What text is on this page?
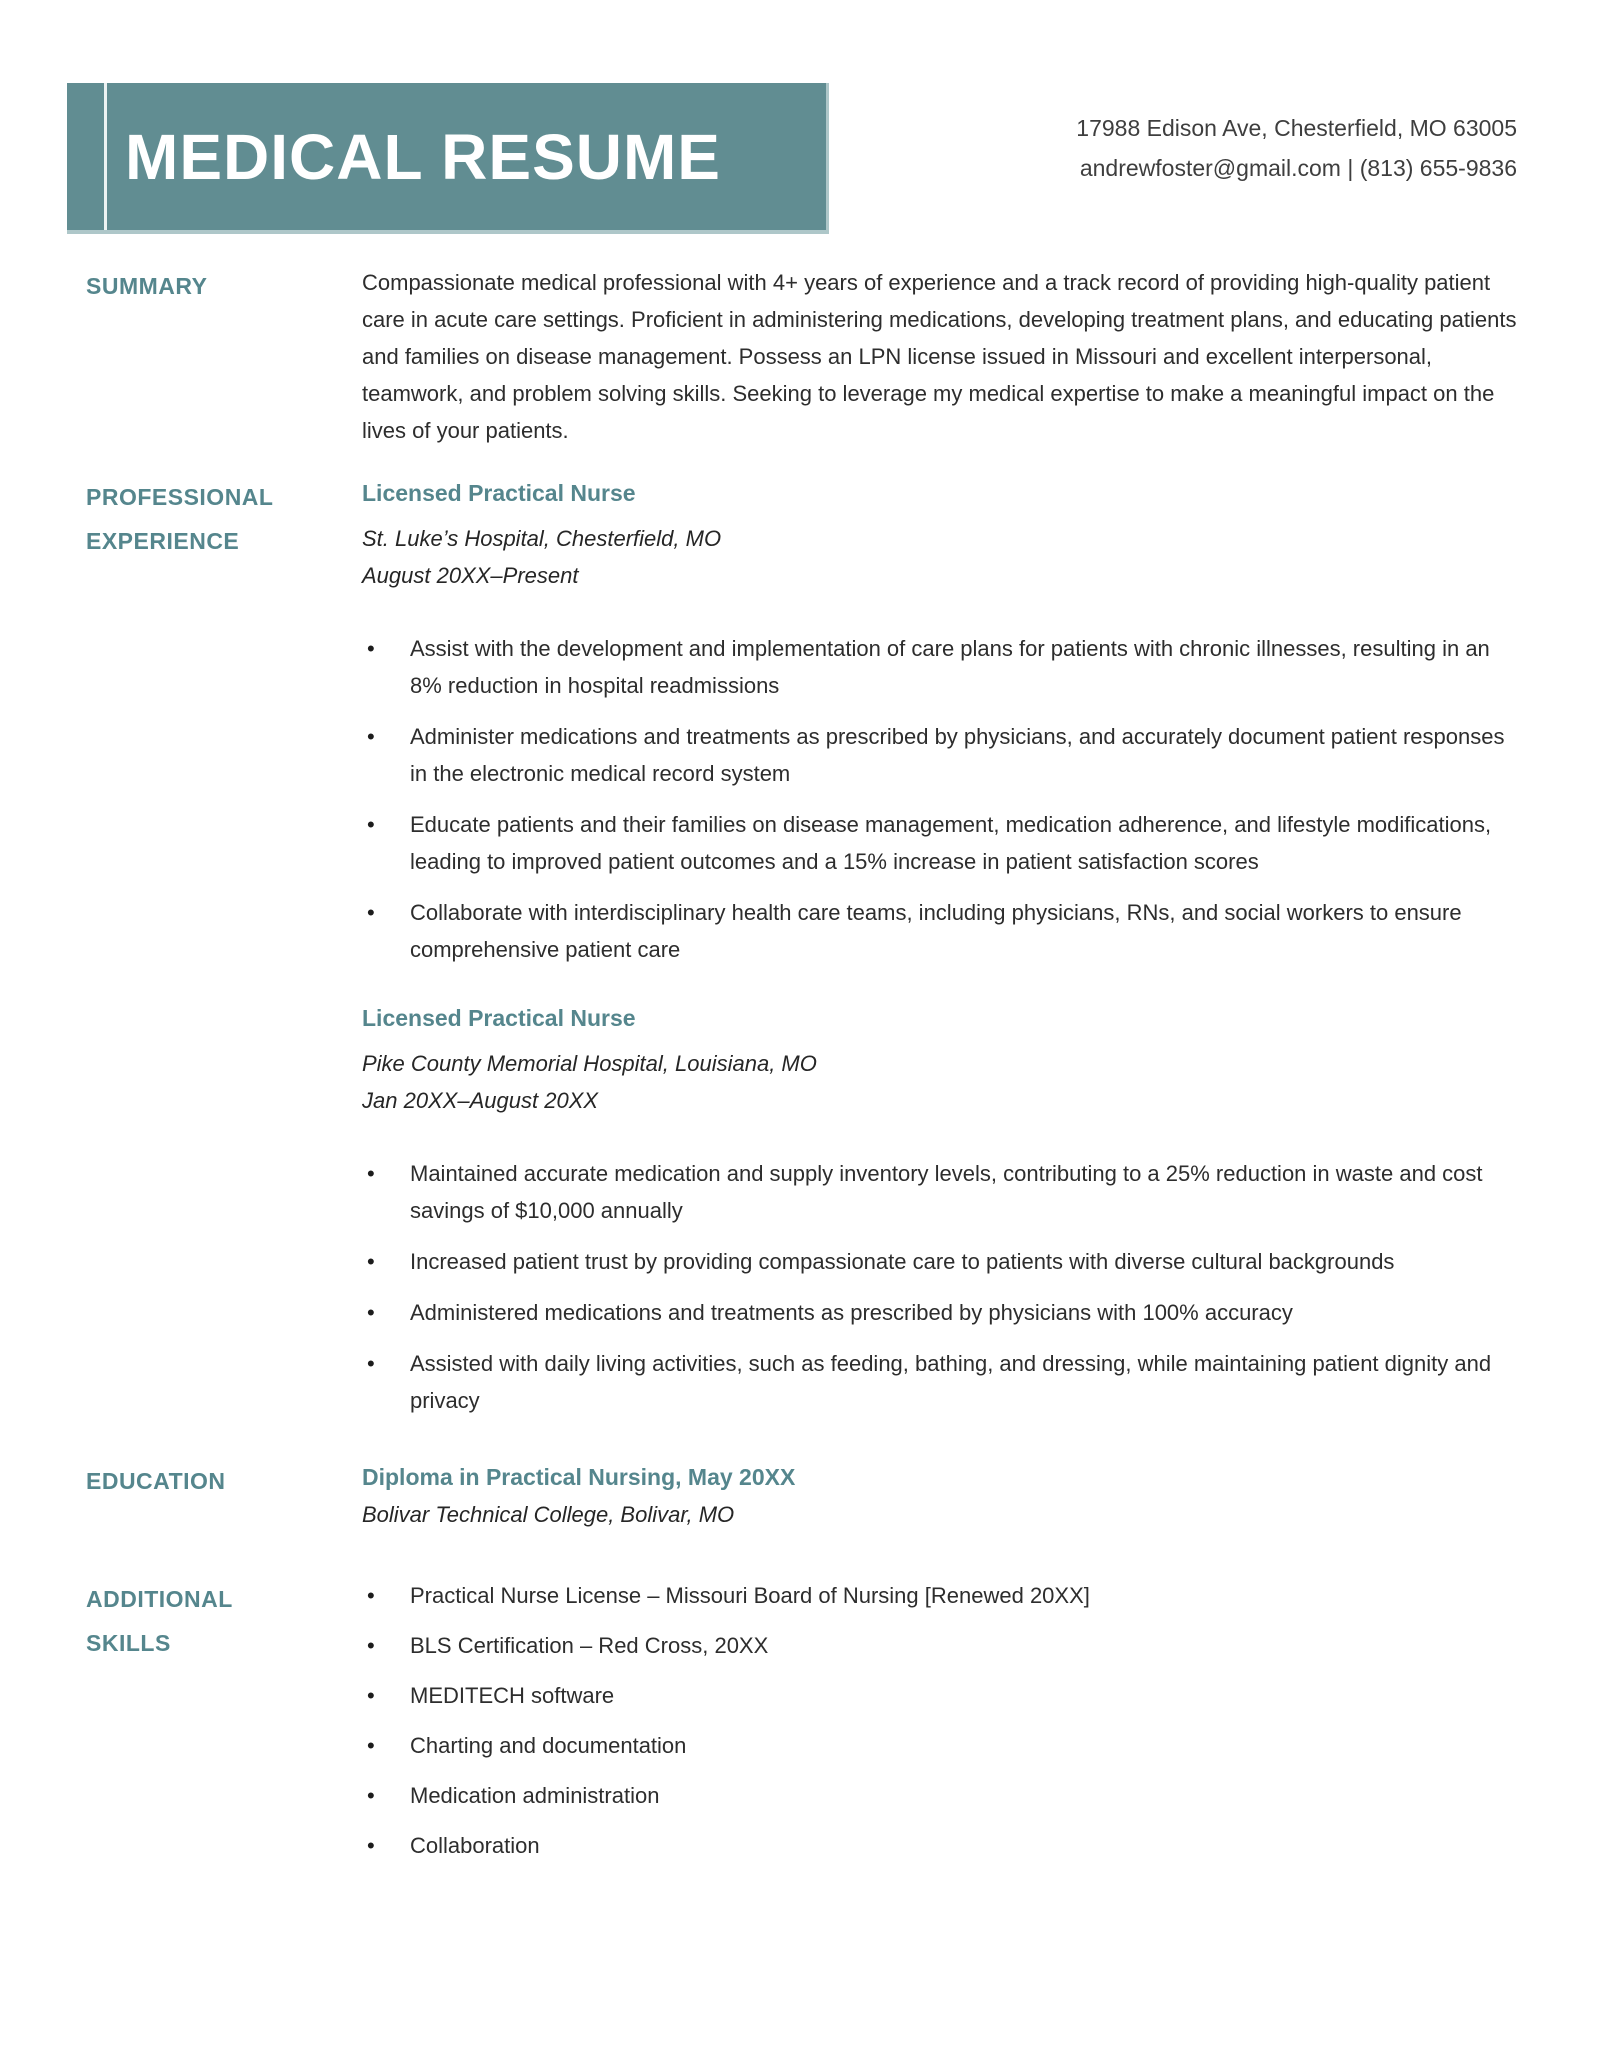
MEDICAL RESUME	17988 Edison Ave, Chesterfield, MO 63005
andrewfoster@gmail.com | (813) 655-9836
SUMMARY	Compassionate medical professional with 4+ years of experience and a track record of providing high-quality patient care in acute care settings. Proficient in administering medications, developing treatment plans, and educating patients and families on disease management. Possess an LPN license issued in Missouri and excellent interpersonal, teamwork, and problem solving skills. Seeking to leverage my medical expertise to make a meaningful impact on the lives of your patients.

PROFESSIONAL EXPERIENCE
Licensed Practical Nurse

St. Luke’s Hospital, Chesterfield, MO

August 20XX–Present

• Assist with the development and implementation of care plans for patients with chronic illnesses, resulting in an 8% reduction in hospital readmissions
• Administer medications and treatments as prescribed by physicians, and accurately document patient responses in the electronic medical record system
• Educate patients and their families on disease management, medication adherence, and lifestyle modifications, leading to improved patient outcomes and a 15% increase in patient satisfaction scores
• Collaborate with interdisciplinary health care teams, including physicians, RNs, and social workers to ensure comprehensive patient care
Licensed Practical Nurse

Pike County Memorial Hospital, Louisiana, MO

Jan 20XX–August 20XX

• Maintained accurate medication and supply inventory levels, contributing to a 25% reduction in waste and cost savings of $10,000 annually
• Increased patient trust by providing compassionate care to patients with diverse cultural backgrounds
• Administered medications and treatments as prescribed by physicians with 100% accuracy
• Assisted with daily living activities, such as feeding, bathing, and dressing, while maintaining patient dignity and privacy
EDUCATION	Diploma in Practical Nursing, May 20XX

Bolivar Technical College, Bolivar, MO

ADDITIONAL SKILLS
• Practical Nurse License – Missouri Board of Nursing [Renewed 20XX]
• BLS Certification – Red Cross, 20XX
• MEDITECH software
• Charting and documentation
• Medication administration
• Collaboration
